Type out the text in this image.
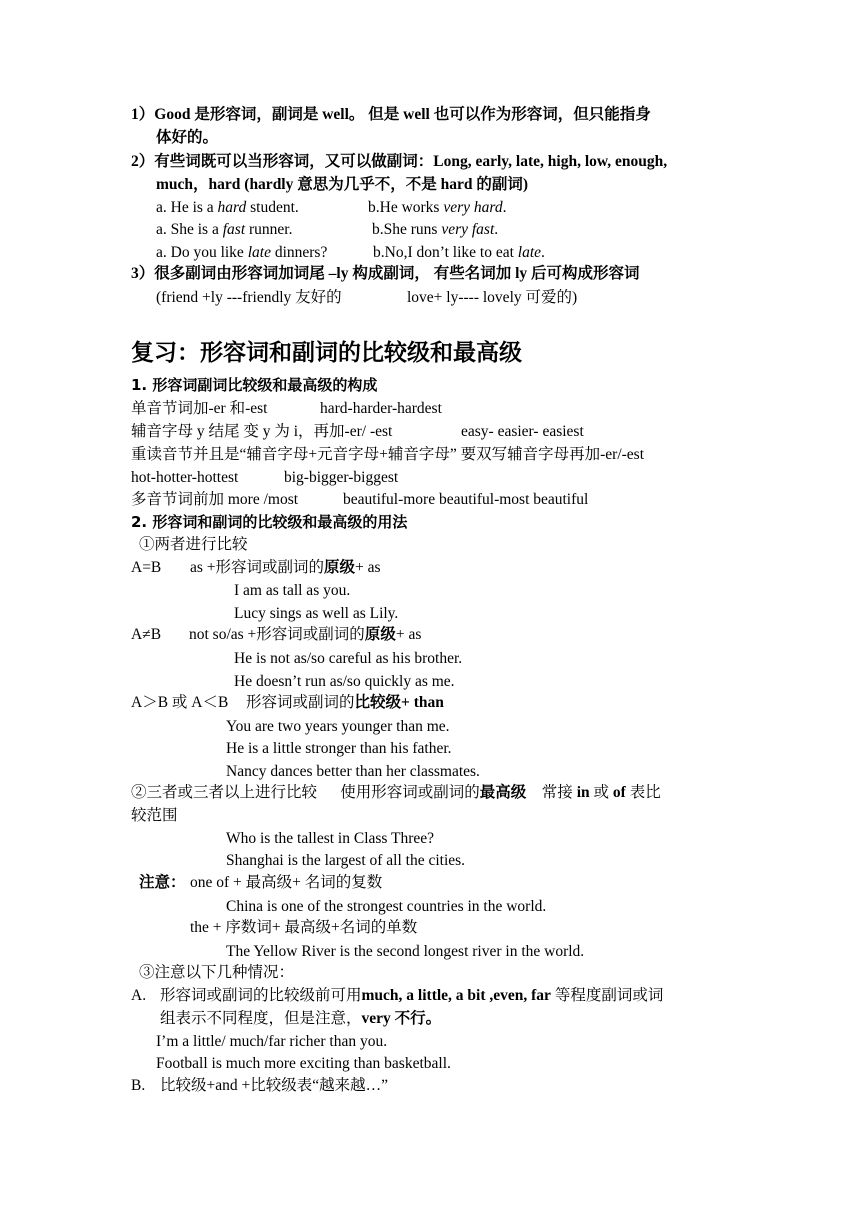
1）Good 是形容词，副词是 well。 但是 well 也可以作为形容词，但只能指身
体好的。
2）有些词既可以当形容词，又可以做副词：Long, early, late, high, low, enough,
much，hard (hardly 意思为几乎不，不是 hard 的副词)
a. He is a hard student.	b.He works very hard.
a. She is a fast runner.	b.She runs very fast.
a. Do you like late dinners?	b.No,I don’t like to eat late.
3）很多副词由形容词加词尾 –ly 构成副词， 有些名词加 ly 后可构成形容词
(friend +ly ---friendly 友好的	love+ ly---- lovely 可爱的)
复习：形容词和副词的比较级和最高级
1. 形容词副词比较级和最高级的构成
单音节词加-er 和-est	hard-harder-hardest
辅音字母 y 结尾 变 y 为 i，再加-er/ -est	easy- easier- easiest
重读音节并且是“辅音字母+元音字母+辅音字母” 要双写辅音字母再加-er/-est
hot-hotter-hottest	big-bigger-biggest
多音节词前加 more /most	beautiful-more beautiful-most beautiful
2. 形容词和副词的比较级和最高级的用法
①两者进行比较
A=B as +形容词或副词的原级+ as
I am as tall as you.
Lucy sings as well as Lily.
A≠B not so/as +形容词或副词的原级+ as
He is not as/so careful as his brother.
He doesn’t run as/so quickly as me.
A＞B 或 A＜B 形容词或副词的比较级+ than
You are two years younger than me.
He is a little stronger than his father.
Nancy dances better than her classmates.
②三者或三者以上进行比较 使用形容词或副词的最高级 常接 in 或 of 表比
较范围
Who is the tallest in Class Three?
Shanghai is the largest of all the cities.
注意： one of + 最高级+ 名词的复数
China is one of the strongest countries in the world.
the + 序数词+ 最高级+名词的单数
The Yellow River is the second longest river in the world.
③注意以下几种情况：
A. 形容词或副词的比较级前可用much, a little, a bit ,even, far 等程度副词或词
组表示不同程度，但是注意，very 不行。
I’m a little/ much/far richer than you.
Football is much more exciting than basketball.
B. 比较级+and +比较级表“越来越…”
